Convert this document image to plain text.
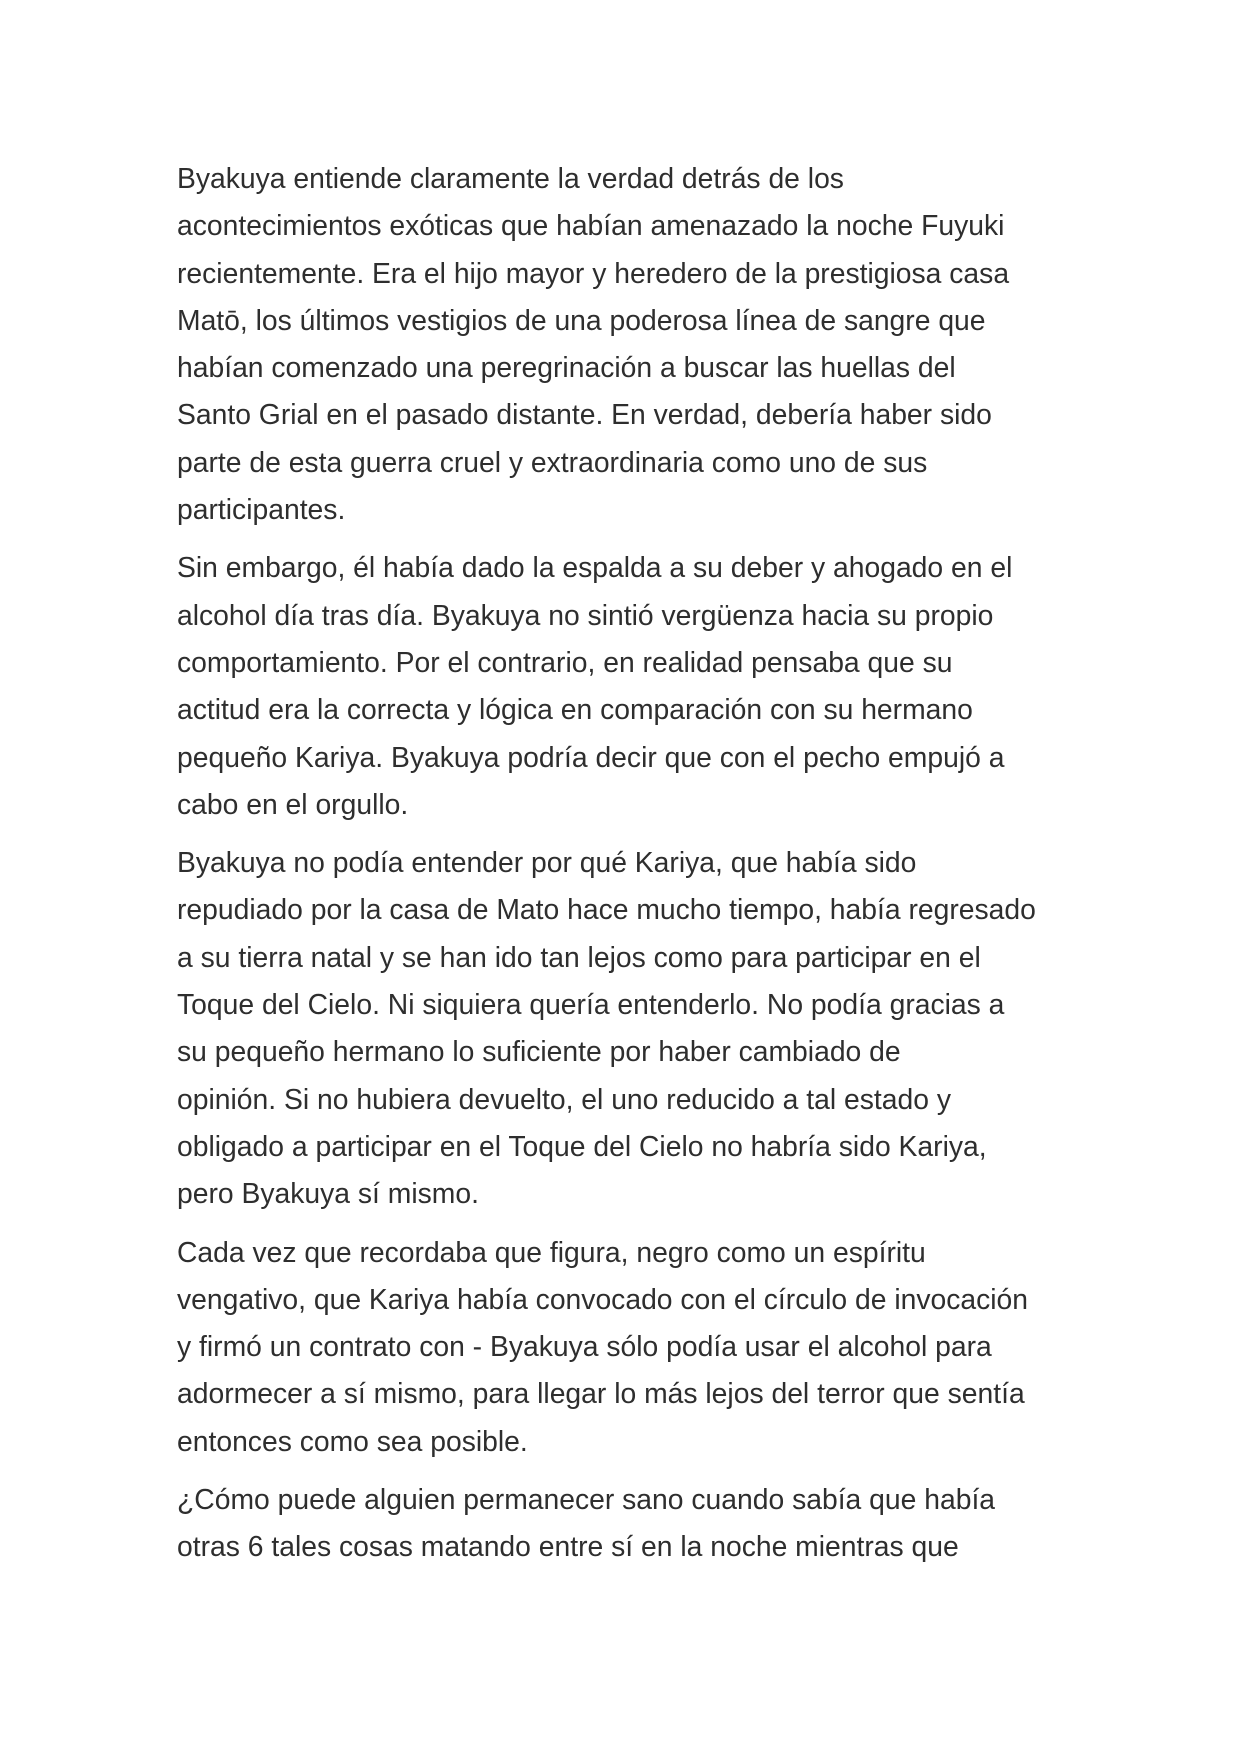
Byakuya entiende claramente la verdad detrás de los
acontecimientos exóticas que habían amenazado la noche Fuyuki
recientemente. Era el hijo mayor y heredero de la prestigiosa casa
Matō, los últimos vestigios de una poderosa línea de sangre que
habían comenzado una peregrinación a buscar las huellas del
Santo Grial en el pasado distante. En verdad, debería haber sido
parte de esta guerra cruel y extraordinaria como uno de sus
participantes.

Sin embargo, él había dado la espalda a su deber y ahogado en el
alcohol día tras día. Byakuya no sintió vergüenza hacia su propio
comportamiento. Por el contrario, en realidad pensaba que su
actitud era la correcta y lógica en comparación con su hermano
pequeño Kariya. Byakuya podría decir que con el pecho empujó a
cabo en el orgullo.

Byakuya no podía entender por qué Kariya, que había sido
repudiado por la casa de Mato hace mucho tiempo, había regresado
a su tierra natal y se han ido tan lejos como para participar en el
Toque del Cielo. Ni siquiera quería entenderlo. No podía gracias a
su pequeño hermano lo suficiente por haber cambiado de
opinión. Si no hubiera devuelto, el uno reducido a tal estado y
obligado a participar en el Toque del Cielo no habría sido Kariya,
pero Byakuya sí mismo.

Cada vez que recordaba que figura, negro como un espíritu
vengativo, que Kariya había convocado con el círculo de invocación
y firmó un contrato con - Byakuya sólo podía usar el alcohol para
adormecer a sí mismo, para llegar lo más lejos del terror que sentía
entonces como sea posible.

¿Cómo puede alguien permanecer sano cuando sabía que había
otras 6 tales cosas matando entre sí en la noche mientras que
